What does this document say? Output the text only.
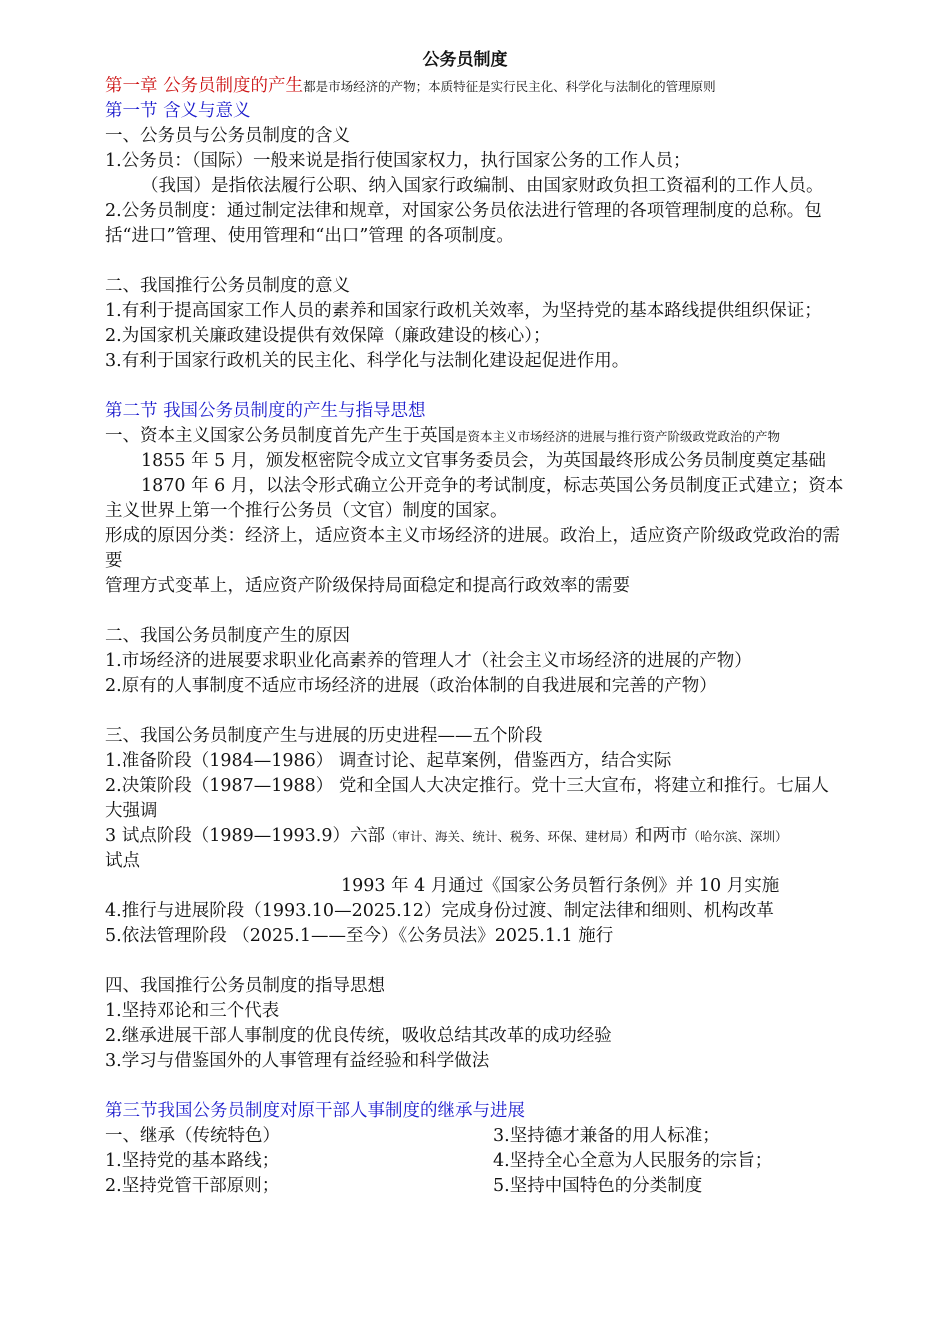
公务员制度
第一章 公务员制度的产生都是市场经济的产物；本质特征是实行民主化、科学化与法制化的管理原则
第一节 含义与意义
一、公务员与公务员制度的含义
1.公务员：（国际）一般来说是指行使国家权力，执行国家公务的工作人员；
（我国）是指依法履行公职、纳入国家行政编制、由国家财政负担工资福利的工作人员。
2.公务员制度：通过制定法律和规章，对国家公务员依法进行管理的各项管理制度的总称。包括“进口”管理、使用管理和“出口”管理 的各项制度。
二、我国推行公务员制度的意义
1.有利于提高国家工作人员的素养和国家行政机关效率，为坚持党的基本路线提供组织保证；
2.为国家机关廉政建设提供有效保障（廉政建设的核心）；
3.有利于国家行政机关的民主化、科学化与法制化建设起促进作用。
第二节 我国公务员制度的产生与指导思想
一、资本主义国家公务员制度首先产生于英国是资本主义市场经济的进展与推行资产阶级政党政治的产物
1855 年 5 月，颁发枢密院令成立文官事务委员会，为英国最终形成公务员制度奠定基础
1870 年 6 月，以法令形式确立公开竞争的考试制度，标志英国公务员制度正式建立；资本主义世界上第一个推行公务员（文官）制度的国家。
形成的原因分类：经济上，适应资本主义市场经济的进展。政治上，适应资产阶级政党政治的需要
管理方式变革上，适应资产阶级保持局面稳定和提高行政效率的需要
二、我国公务员制度产生的原因
1.市场经济的进展要求职业化高素养的管理人才（社会主义市场经济的进展的产物）
2.原有的人事制度不适应市场经济的进展（政治体制的自我进展和完善的产物）
三、我国公务员制度产生与进展的历史进程——五个阶段
1.准备阶段（1984—1986） 调查讨论、起草案例，借鉴西方，结合实际
2.决策阶段（1987—1988） 党和全国人大决定推行。党十三大宣布，将建立和推行。七届人大强调
3 试点阶段（1989—1993.9）六部（审计、海关、统计、税务、环保、建材局）和两市（哈尔滨、深圳）
试点
1993 年 4 月通过《国家公务员暂行条例》并 10 月实施
4.推行与进展阶段（1993.10—2025.12）完成身份过渡、制定法律和细则、机构改革
5.依法管理阶段 （2025.1——至今）《公务员法》2025.1.1 施行
四、我国推行公务员制度的指导思想
1.坚持邓论和三个代表
2.继承进展干部人事制度的优良传统，吸收总结其改革的成功经验
3.学习与借鉴国外的人事管理有益经验和科学做法
第三节我国公务员制度对原干部人事制度的继承与进展
一、继承（传统特色）
1.坚持党的基本路线；
2.坚持党管干部原则；
3.坚持德才兼备的用人标准；
4.坚持全心全意为人民服务的宗旨；
5.坚持中国特色的分类制度
